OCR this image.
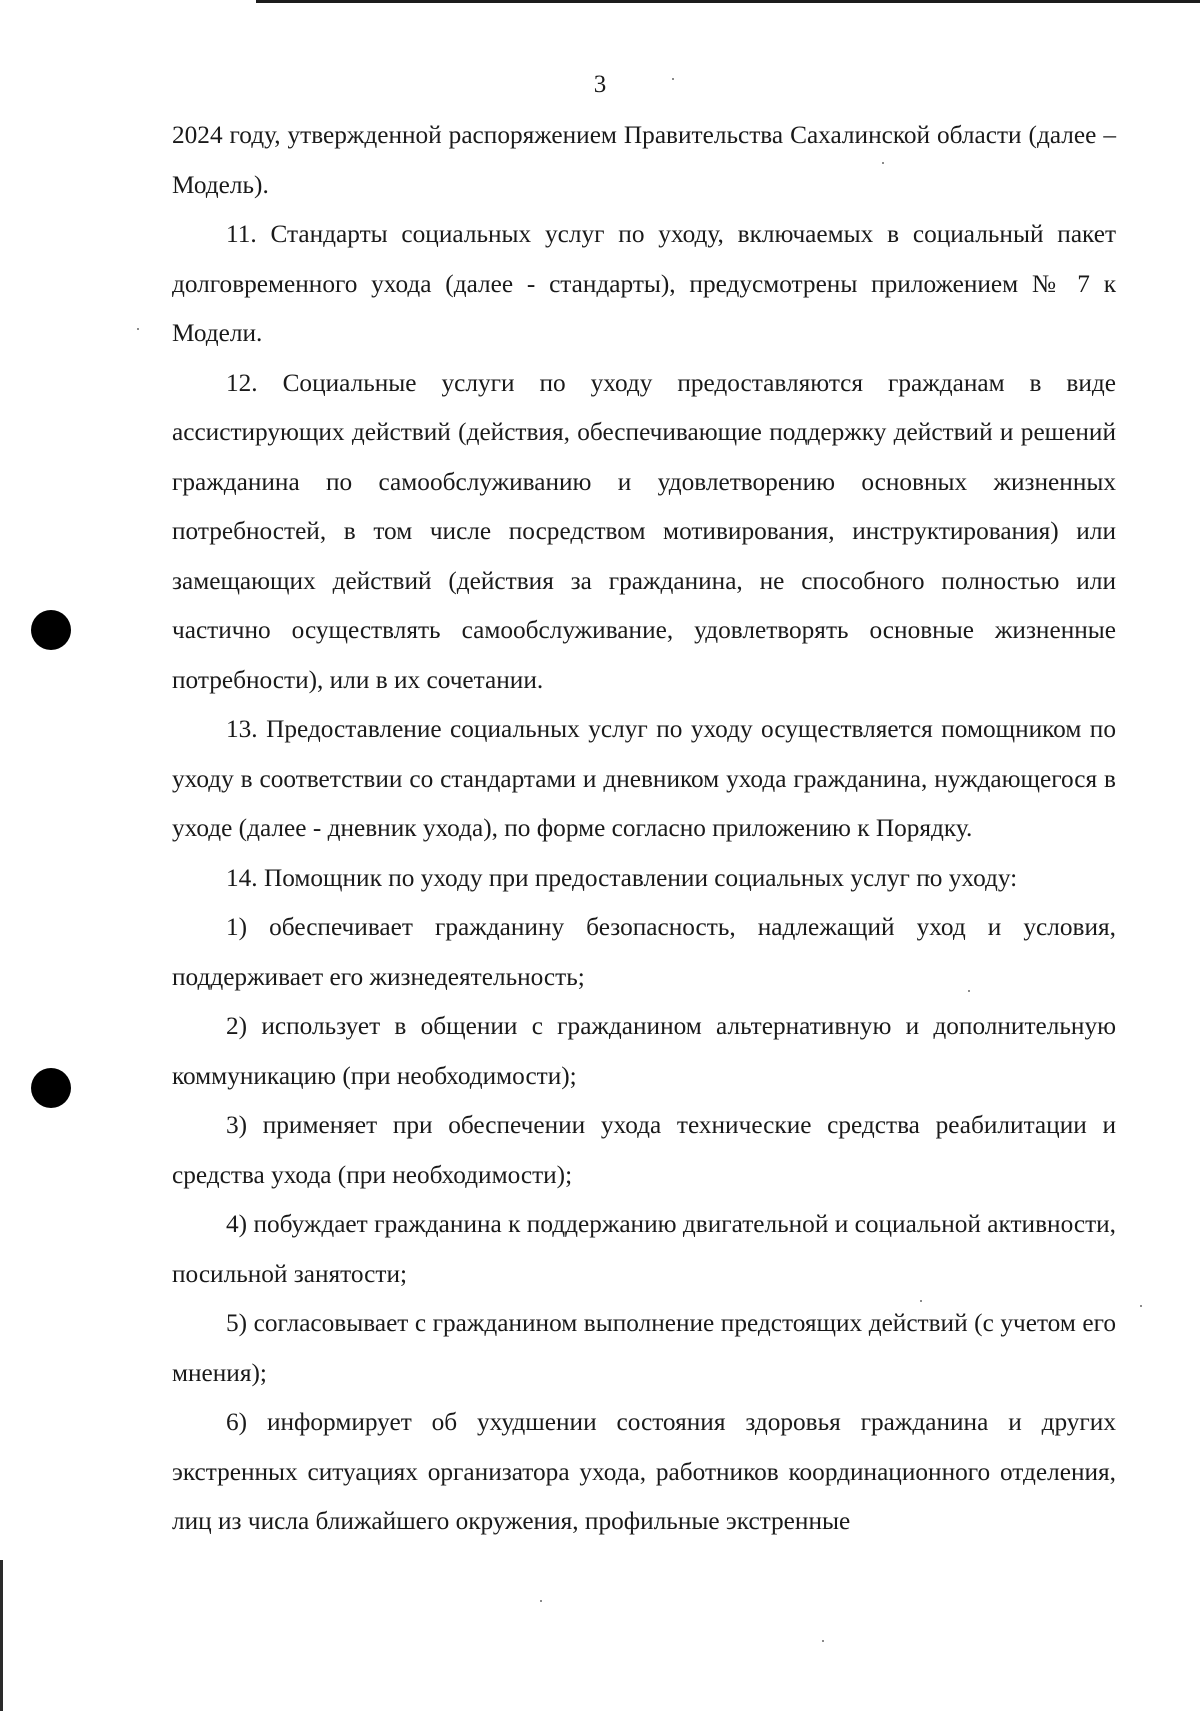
3

2024 году, утвержденной распоряжением Правительства Сахалинской области (далее – Модель).

11. Стандарты социальных услуг по уходу, включаемых в социальный пакет долговременного ухода (далее - стандарты), предусмотрены приложением № 7 к Модели.

12. Социальные услуги по уходу предоставляются гражданам в виде ассистирующих действий (действия, обеспечивающие поддержку действий и решений гражданина по самообслуживанию и удовлетворению основных жизненных потребностей, в том числе посредством мотивирования, инструктирования) или замещающих действий (действия за гражданина, не способного полностью или частично осуществлять самообслуживание, удовлетворять основные жизненные потребности), или в их сочетании.

13. Предоставление социальных услуг по уходу осуществляется помощником по уходу в соответствии со стандартами и дневником ухода гражданина, нуждающегося в уходе (далее - дневник ухода), по форме согласно приложению к Порядку.

14. Помощник по уходу при предоставлении социальных услуг по уходу:

1) обеспечивает гражданину безопасность, надлежащий уход и условия, поддерживает его жизнедеятельность;

2) использует в общении с гражданином альтернативную и дополнительную коммуникацию (при необходимости);

3) применяет при обеспечении ухода технические средства реабилитации и средства ухода (при необходимости);

4) побуждает гражданина к поддержанию двигательной и социальной активности, посильной занятости;

5) согласовывает с гражданином выполнение предстоящих действий (с учетом его мнения);

6) информирует об ухудшении состояния здоровья гражданина и других экстренных ситуациях организатора ухода, работников координационного отделения, лиц из числа ближайшего окружения, профильные экстренные
